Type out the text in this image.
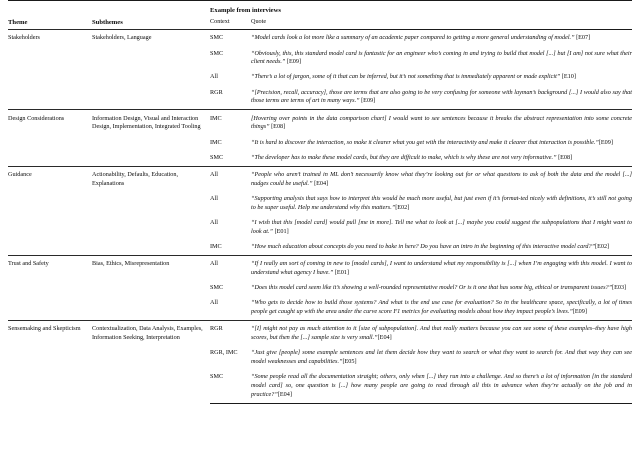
Theme	Subthemes	Example from interviews	
		Context	Quote
Stakeholders	Stakeholders, Language	SMC	“Model cards look a lot more like a summary of an academic paper compared to getting a more general understanding of model.” [E07]
		SMC	“Obviously, this, this standard model card is fantastic for an engineer who’s coming in and trying to build that model [...] but [I am] not sure what their client needs.” [E09]
		All	“There’s a lot of jargon, some of it that can be inferred, but it’s not something that is immediately apparent or made explicit” [E10]
		RGR	“[Precision, recall, accuracy], those are terms that are also going to be very confusing for someone with layman’s background [...] I would also say that those terms are terms of art in many ways.” [E09]
Design Considerations	Information Design, Visual and Interaction Design, Implementation, Integrated Tooling	IMC	[Hovering over points in the data comparison chart] I would want to see sentences because it breaks the abstract representation into some concrete things” [E08]
		IMC	“It is hard to discover the interaction, so make it clearer what you get with the interactivity and make it clearer that interaction is possible.”[E09]
		SMC	“The developer has to make these model cards, but they are difficult to make, which is why these are not very informative.” [E08]
Guidance	Actionability, Defaults, Education, Explanations	All	“People who aren’t trained in ML don’t necessarily know what they’re looking out for or what questions to ask of both the data and the model [...] nudges could be useful.” [E04]
		All	“Supporting analysis that says how to interpret this would be much more useful, but just even if it’s format-ted nicely with definitions, it’s still not going to be super useful. Help me understand why this matters.”[E02]
		All	“I wish that this [model card] would pull [me in more]. Tell me what to look at [...] maybe you could suggest the subpopulations that I might want to look at.” [E01]
		IMC	“How much education about concepts do you need to bake in here? Do you have an intro in the beginning of this interactive model card?”[E02]
Trust and Safety	Bias, Ethics, Misrepresentation	All	“If I really am sort of coming in new to [model cards], I want to understand what my responsibility is [...] when I’m engaging with this model. I want to understand what agency I have.” [E01]
		SMC	“Does this model card seem like it’s showing a well-rounded representative model? Or is it one that has some big, ethical or transparent issues?”[E03]
		All	“Who gets to decide how to build those systems? And what is the end use case for evaluation? So in the healthcare space, specifically, a lot of times people get caught up with the area under the curve score F1 metrics for evaluating models about how they impact people’s lives.”[E09]
Sensemaking and Skepticism	Contextualization, Data Analysis, Examples, Information Seeking, Interpretation	RGR	“[I] might not pay as much attention to it [size of subpopulation]. And that really matters because you can see some of these examples–they have high scores, but then the [...] sample size is very small.”[E04]
		RGR, IMC	“Just give [people] some example sentences and let them decide how they want to search or what they want to search for. And that way they can see model weaknesses and capabilities.”[E05]
		SMC	“Some people read all the documentation straight; others, only when [...] they run into a challenge. And so there’s a lot of information [in the standard model card] so, one question is [...] how many people are going to read through all this in advance when they’re actually on the job and in practice?”[E04]
